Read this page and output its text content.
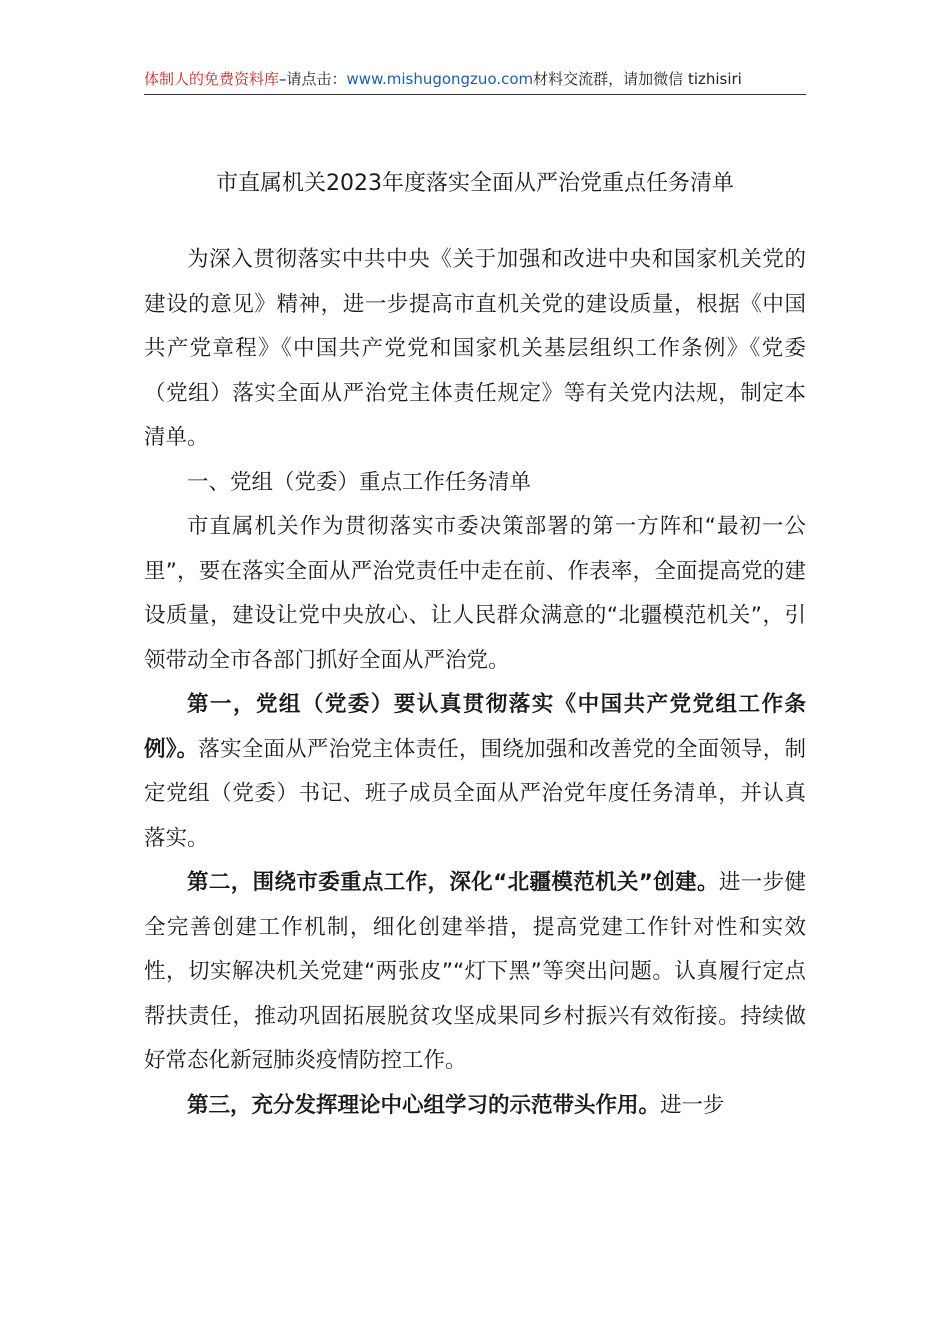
体制人的免费资料库–请点击：www.mishugongzuo.com材料交流群，请加微信 tizhisiri
市直属机关2023年度落实全面从严治党重点任务清单

为深入贯彻落实中共中央《关于加强和改进中央和国家机关党的建设的意见》精神，进一步提高市直机关党的建设质量，根据《中国共产党章程》《中国共产党党和国家机关基层组织工作条例》《党委（党组）落实全面从严治党主体责任规定》等有关党内法规，制定本清单。

一、党组（党委）重点工作任务清单

市直属机关作为贯彻落实市委决策部署的第一方阵和“最初一公里”，要在落实全面从严治党责任中走在前、作表率，全面提高党的建设质量，建设让党中央放心、让人民群众满意的“北疆模范机关”，引领带动全市各部门抓好全面从严治党。

第一，党组（党委）要认真贯彻落实《中国共产党党组工作条例》。落实全面从严治党主体责任，围绕加强和改善党的全面领导，制定党组（党委）书记、班子成员全面从严治党年度任务清单，并认真落实。

第二，围绕市委重点工作，深化“北疆模范机关”创建。进一步健全完善创建工作机制，细化创建举措，提高党建工作针对性和实效性，切实解决机关党建“两张皮”“灯下黑”等突出问题。认真履行定点帮扶责任，推动巩固拓展脱贫攻坚成果同乡村振兴有效衔接。持续做好常态化新冠肺炎疫情防控工作。

第三，充分发挥理论中心组学习的示范带头作用。进一步
